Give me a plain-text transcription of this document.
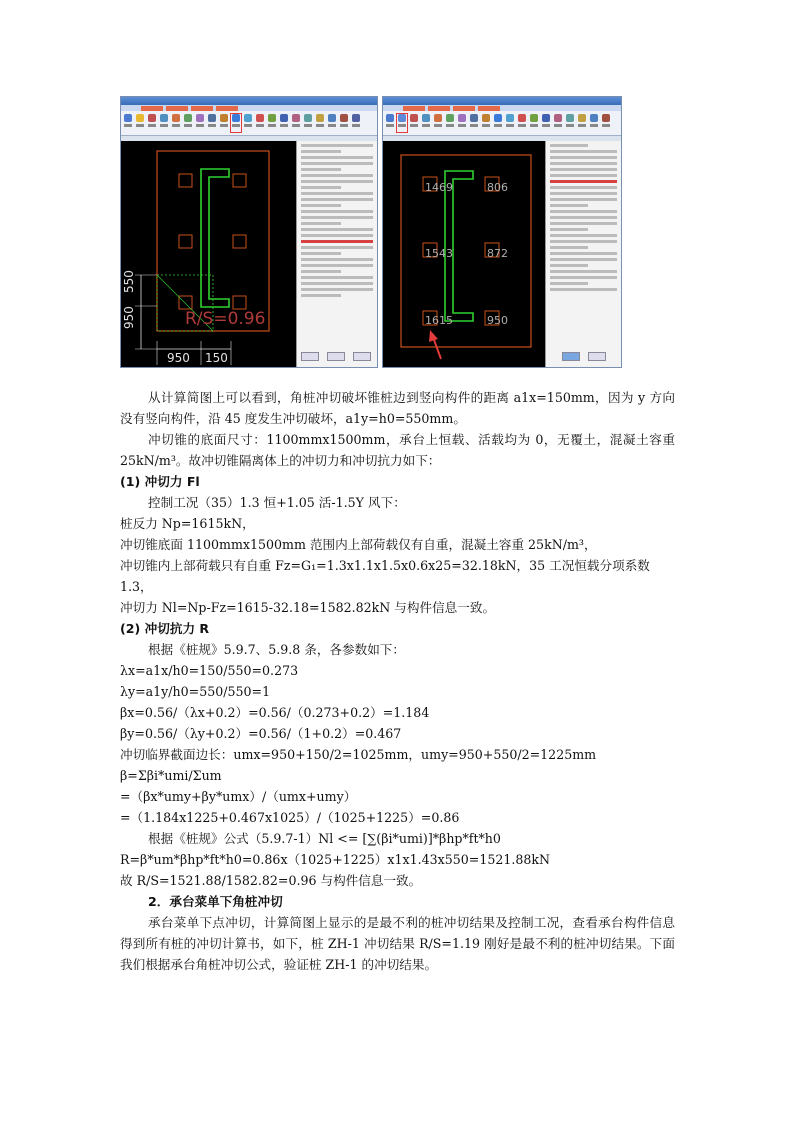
550
950
950 150
R/S=0.96
1469	806
1543	872
1615	950

从计算简图上可以看到，角桩冲切破坏锥桩边到竖向构件的距离 a1x=150mm，因为 y 方向没有竖向构件，沿 45 度发生冲切破坏，a1y=h0=550mm。

冲切锥的底面尺寸：1100mmx1500mm，承台上恒载、活载均为 0，无覆土，混凝土容重 25kN/m³。故冲切锥隔离体上的冲切力和冲切抗力如下：

(1) 冲切力 Fl

控制工况（35）1.3 恒+1.05 活-1.5Y 风下：

桩反力 Np=1615kN，

冲切锥底面 1100mmx1500mm 范围内上部荷载仅有自重，混凝土容重 25kN/m³，

冲切锥内上部荷载只有自重 Fz=G₁=1.3x1.1x1.5x0.6x25=32.18kN，35 工况恒载分项系数 1.3，

冲切力 Nl=Np-Fz=1615-32.18=1582.82kN 与构件信息一致。

(2) 冲切抗力 R

根据《桩规》5.9.7、5.9.8 条，各参数如下：

λx=a1x/h0=150/550=0.273

λy=a1y/h0=550/550=1

βx=0.56/（λx+0.2）=0.56/（0.273+0.2）=1.184

βy=0.56/（λy+0.2）=0.56/（1+0.2）=0.467

冲切临界截面边长：umx=950+150/2=1025mm，umy=950+550/2=1225mm

β=Σβi*umi/Σum

=（βx*umy+βy*umx）/（umx+umy）

=（1.184x1225+0.467x1025）/（1025+1225）=0.86

根据《桩规》公式（5.9.7-1）Nl <= [∑(βi*umi)]*βhp*ft*h0

R=β*um*βhp*ft*h0=0.86x（1025+1225）x1x1.43x550=1521.88kN

故 R/S=1521.88/1582.82=0.96 与构件信息一致。

2．承台菜单下角桩冲切

承台菜单下点冲切，计算简图上显示的是最不利的桩冲切结果及控制工况，查看承台构件信息得到所有桩的冲切计算书，如下，桩 ZH-1 冲切结果 R/S=1.19 刚好是最不利的桩冲切结果。下面我们根据承台角桩冲切公式，验证桩 ZH-1 的冲切结果。
